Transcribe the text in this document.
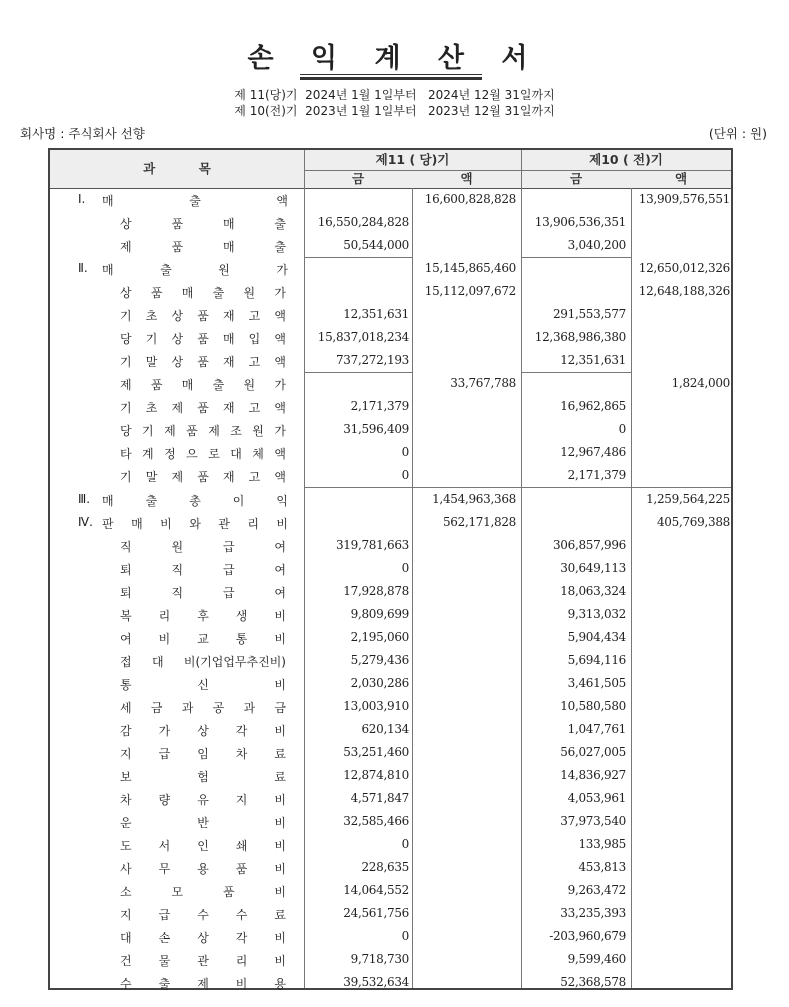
손 익 계 산 서
제 11(당)기 2024년 1월 1일부터 2024년 12월 31일까지
제 10(전)기 2023년 1월 1일부터 2023년 12월 31일까지
회사명 : 주식회사 선향	(단위 : 원)
과          목
제11 ( 당)기	제10 ( 전)기
금	액	금	액
Ⅰ. 매	출	액	16,600,828,828	13,909,576,551
상	품	매	출	16,550,284,828	13,906,536,351
제	품	매	출	50,544,000	3,040,200
Ⅱ. 매	출	원	가	15,145,865,460	12,650,012,326
상 품 매 출 원 가	15,112,097,672	12,648,188,326
기 초 상 품 재 고 액	12,351,631	291,553,577
당 기 상 품 매 입 액	15,837,018,234	12,368,986,380
기 말 상 품 재 고 액	737,272,193	12,351,631
제 품 매 출 원 가	33,767,788	1,824,000
기 초 제 품 재 고 액	2,171,379	16,962,865
당 기 제 품 제 조 원 가	31,596,409	0
타 계 정 으 로 대 체 액	0	12,967,486
기 말 제 품 재 고 액	0	2,171,379
Ⅲ. 매	출	총	이	익	1,454,963,368	1,259,564,225
Ⅳ. 판 매 비 와 관 리 비	562,171,828	405,769,388
직	원	급	여	319,781,663	306,857,996
퇴	직	급	여	0	30,649,113
퇴	직	급	여	17,928,878	18,063,324
복 리 후 생 비	9,809,699	9,313,032
여 비 교 통 비	2,195,060	5,904,434
접 대 비(기업업무추진비)	5,279,436	5,694,116
통	신	비	2,030,286	3,461,505
세 금 과 공 과 금	13,003,910	10,580,580
감 가 상 각 비	620,134	1,047,761
지 급 임 차 료	53,251,460	56,027,005
보	험	료	12,874,810	14,836,927
차 량 유 지 비	4,571,847	4,053,961
운	반	비	32,585,466	37,973,540
도 서 인 쇄 비	0	133,985
사 무 용 품 비	228,635	453,813
소	모	품	비	14,064,552	9,263,472
지 급 수 수 료	24,561,756	33,235,393
대 손 상 각 비	0	-203,960,679
건 물 관 리 비	9,718,730	9,599,460
수 출 제 비 용	39,532,634	52,368,578
